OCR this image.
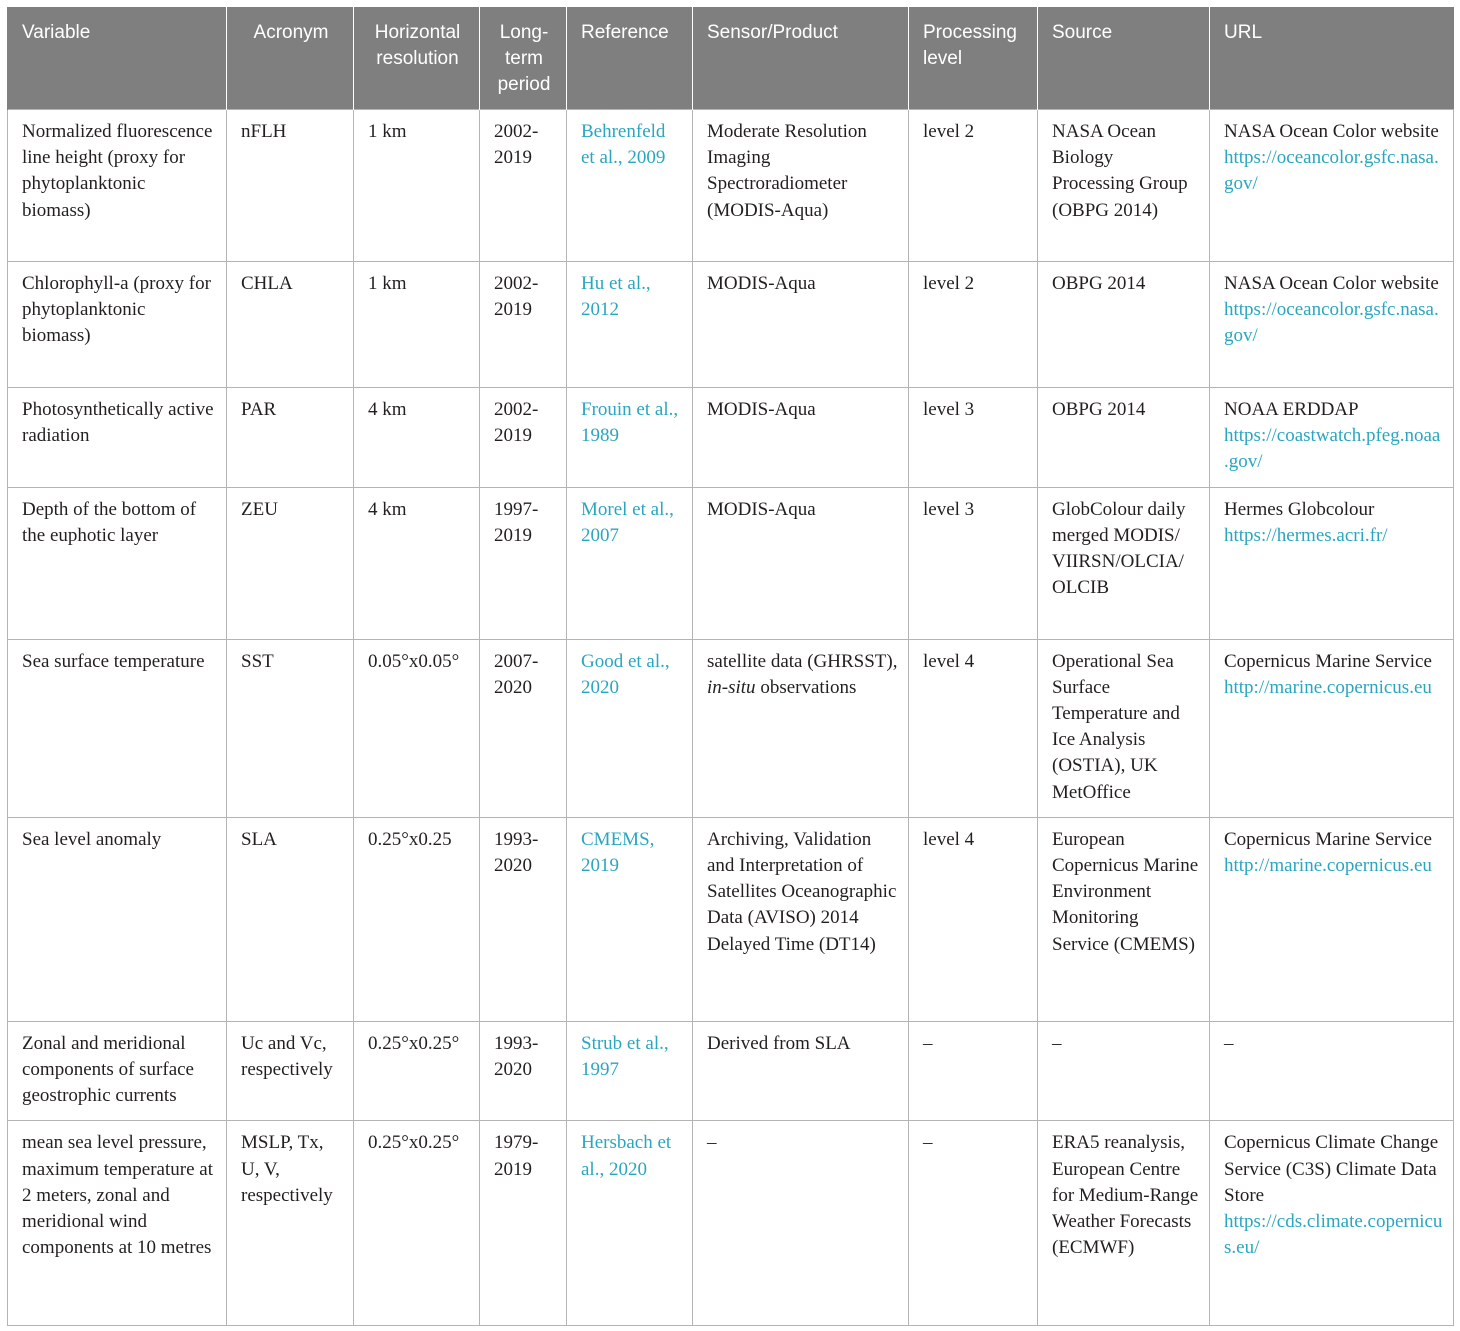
Variable	Acronym	Horizontal resolution	Long-term period	Reference	Sensor/Product	Processing level	Source	URL
Normalized fluorescence line height (proxy for phytoplanktonic biomass)	nFLH	1 km	2002-2019	Behrenfeld et al., 2009	Moderate Resolution Imaging Spectroradiometer (MODIS-Aqua)	level 2	NASA Ocean Biology Processing Group (OBPG 2014)	NASA Ocean Color website
https://oceancolor.gsfc.nasa.gov/

Chlorophyll-a (proxy for phytoplanktonic biomass)	CHLA	1 km	2002-2019	Hu et al., 2012	MODIS-Aqua	level 2	OBPG 2014	NASA Ocean Color website
https://oceancolor.gsfc.nasa.gov/

Photosynthetically active radiation	PAR	4 km	2002-2019	Frouin et al., 1989	MODIS-Aqua	level 3	OBPG 2014	NOAA ERDDAP
https://coastwatch.pfeg.noaa.gov/

Depth of the bottom of the euphotic layer	ZEU	4 km	1997-2019	Morel et al., 2007	MODIS-Aqua	level 3	GlobColour daily merged MODIS/ VIIRSN/OLCIA/ OLCIB	Hermes Globcolour
https://hermes.acri.fr/

Sea surface temperature	SST	0.05°x0.05°	2007-2020	Good et al., 2020	satellite data (GHRSST), in-situ observations	level 4	Operational Sea Surface Temperature and Ice Analysis (OSTIA), UK MetOffice	Copernicus Marine Service
http://marine.copernicus.eu

Sea level anomaly	SLA	0.25°x0.25	1993-2020	CMEMS, 2019	Archiving, Validation and Interpretation of Satellites Oceanographic Data (AVISO) 2014 Delayed Time (DT14)	level 4	European Copernicus Marine Environment Monitoring Service (CMEMS)	Copernicus Marine Service
http://marine.copernicus.eu

Zonal and meridional components of surface geostrophic currents	Uc and Vc, respectively	0.25°x0.25°	1993-2020	Strub et al., 1997	Derived from SLA	–	–	–

mean sea level pressure, maximum temperature at 2 meters, zonal and meridional wind components at 10 metres	MSLP, Tx, U, V, respectively	0.25°x0.25°	1979-2019	Hersbach et al., 2020	–	–	ERA5 reanalysis, European Centre for Medium-Range Weather Forecasts (ECMWF)	Copernicus Climate Change Service (C3S) Climate Data Store
https://cds.climate.copernicus.eu/
